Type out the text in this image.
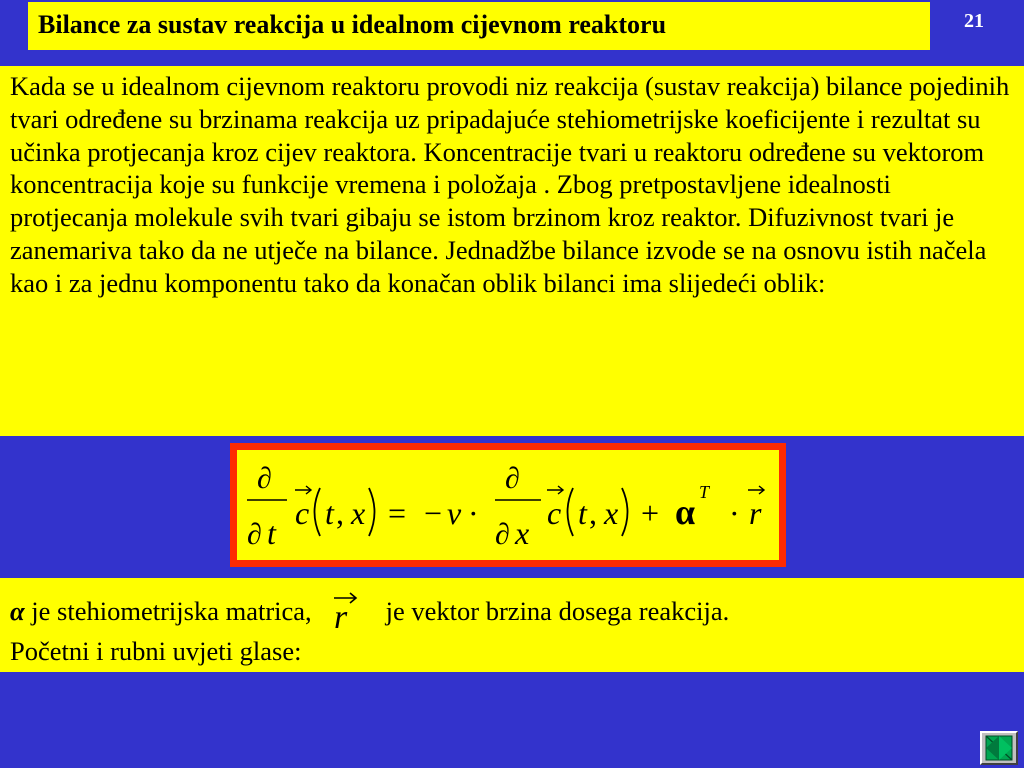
Bilance za sustav reakcija u idealnom cijevnom reaktoru	21
Kada se u idealnom cijevnom reaktoru provodi niz reakcija (sustav reakcija) bilance pojedinih tvari određene su brzinama reakcija uz pripadajuće stehiometrijske koeficijente i rezultat su učinka protjecanja kroz cijev reaktora. Koncentracije tvari u reaktoru određene su vektorom koncentracija koje su funkcije vremena i položaja . Zbog pretpostavljene idealnosti protjecanja molekule svih tvari gibaju se istom brzinom kroz reaktor. Difuzivnost tvari je zanemariva tako da ne utječe na bilance. Jednadžbe bilance izvode se na osnovu istih načela kao i za jednu komponentu tako da konačan oblik bilanci ima slijedeći oblik:
∂
∂ t
c t , x = − v ·
∂
∂ x
c t , x + α T
· r
α je stehiometrijska matrica, r je vektor brzina dosega reakcija.
Početni i rubni uvjeti glase:
